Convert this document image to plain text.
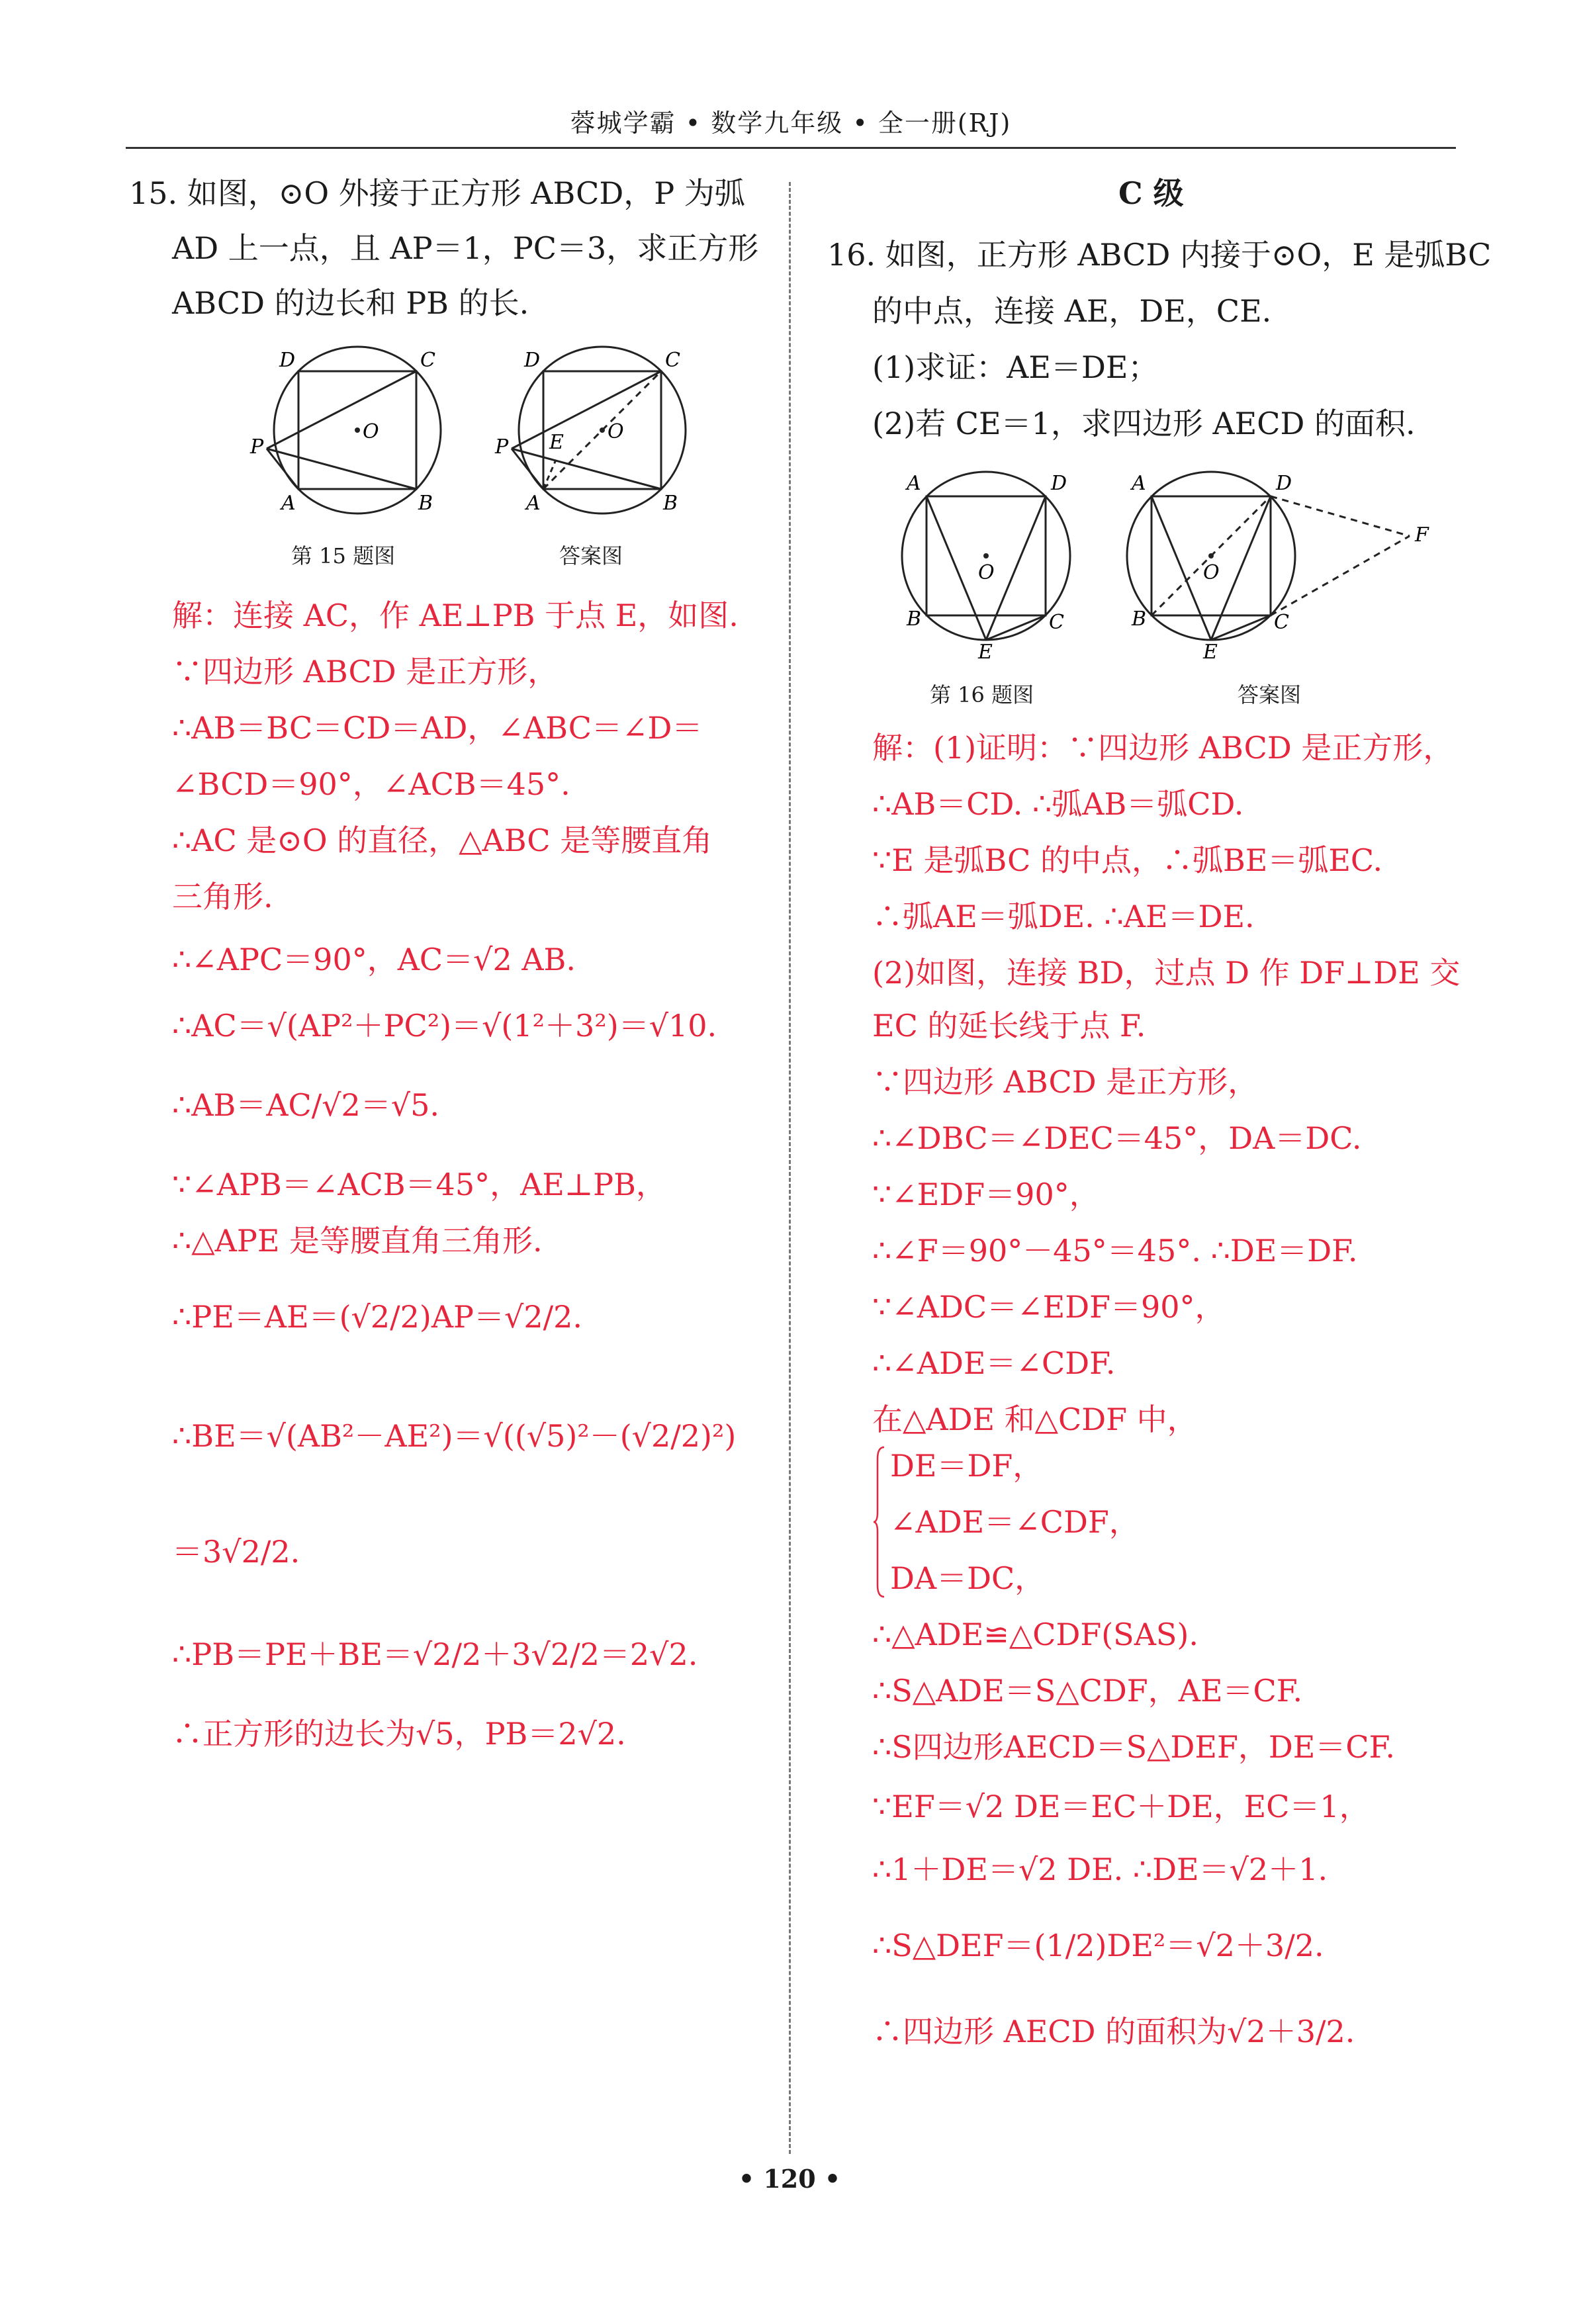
蓉城学霸 • 数学九年级 • 全一册(RJ)
15. 如图，⊙O 外接于正方形 ABCD，P 为弧
AD 上一点，且 AP＝1，PC＝3，求正方形
ABCD 的边长和 PB 的长.
D	C
P
A	B
O
D	C
P E
A	B
O
第 15 题图	答案图
解：连接 AC，作 AE⊥PB 于点 E，如图.
∵四边形 ABCD 是正方形，
∴AB＝BC＝CD＝AD，∠ABC＝∠D＝
∠BCD＝90°，∠ACB＝45°.
∴AC 是⊙O 的直径，△ABC 是等腰直角
三角形.
∴∠APC＝90°，AC＝√2 AB.
∴AC＝√(AP²＋PC²)＝√(1²＋3²)＝√10.
∴AB＝AC/√2＝√5.
∵∠APB＝∠ACB＝45°，AE⊥PB，
∴△APE 是等腰直角三角形.
∴PE＝AE＝(√2/2)AP＝√2/2.
∴BE＝√(AB²－AE²)＝√((√5)²－(√2/2)²)
＝3√2/2.
∴PB＝PE＋BE＝√2/2＋3√2/2＝2√2.
∴正方形的边长为√5，PB＝2√2.
C 级
16. 如图，正方形 ABCD 内接于⊙O，E 是弧BC
的中点，连接 AE，DE，CE.
(1)求证：AE＝DE；
(2)若 CE＝1，求四边形 AECD 的面积.
A	D
O
B	C
E
A	D
F
O
B	C
E
第 16 题图	答案图
解：(1)证明：∵四边形 ABCD 是正方形，
∴AB＝CD. ∴弧AB＝弧CD.
∵E 是弧BC 的中点，∴弧BE＝弧EC.
∴弧AE＝弧DE. ∴AE＝DE.
(2)如图，连接 BD，过点 D 作 DF⊥DE 交
EC 的延长线于点 F.
∵四边形 ABCD 是正方形，
∴∠DBC＝∠DEC＝45°，DA＝DC.
∵∠EDF＝90°，
∴∠F＝90°－45°＝45°. ∴DE＝DF.
∵∠ADC＝∠EDF＝90°，
∴∠ADE＝∠CDF.
在△ADE 和△CDF 中，
DE＝DF，
∠ADE＝∠CDF，
DA＝DC，
∴△ADE≌△CDF(SAS).
∴S△ADE＝S△CDF，AE＝CF.
∴S四边形AECD＝S△DEF，DE＝CF.
∵EF＝√2 DE＝EC＋DE，EC＝1，
∴1＋DE＝√2 DE. ∴DE＝√2＋1.
∴S△DEF＝(1/2)DE²＝√2＋3/2.
∴四边形 AECD 的面积为√2＋3/2.
• 120 •
